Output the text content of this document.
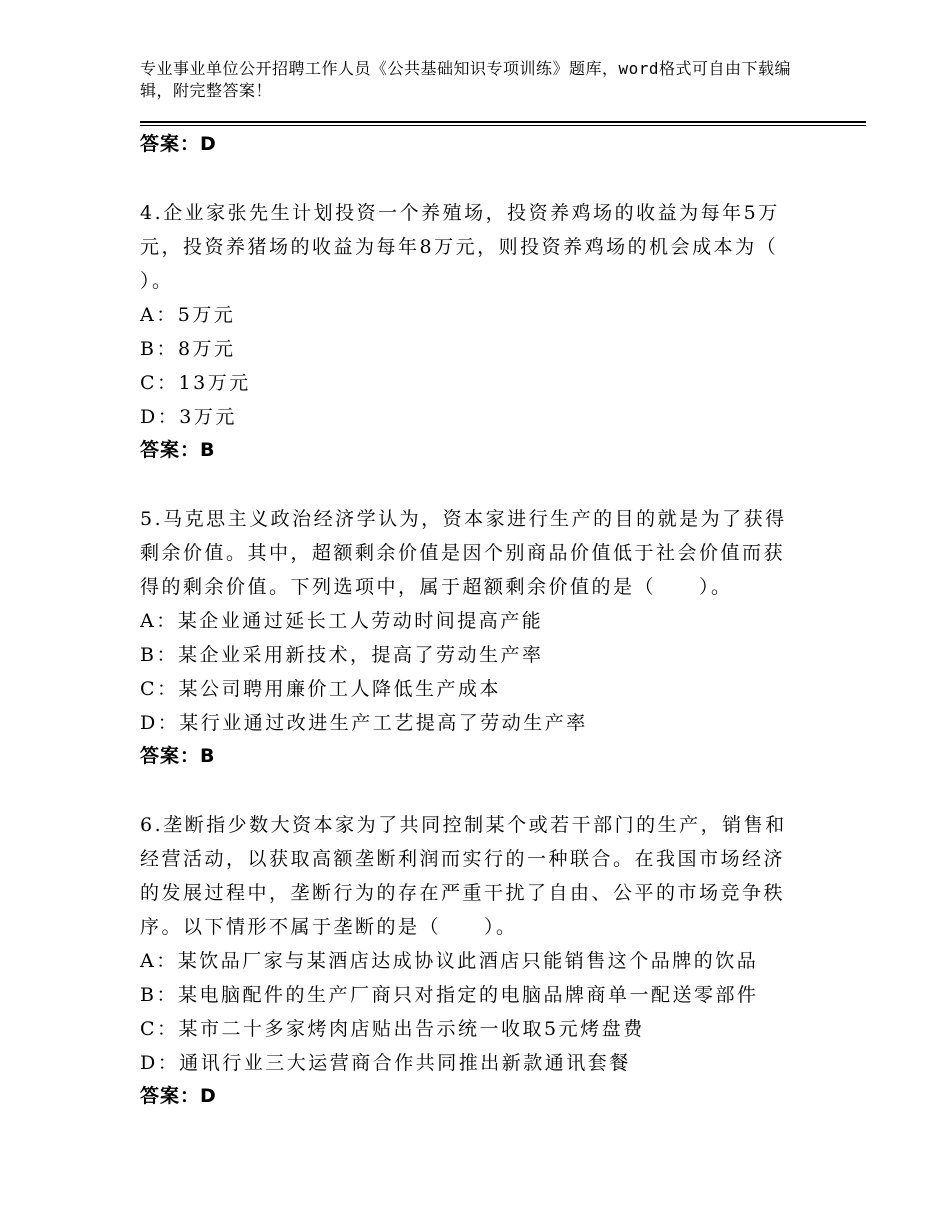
专业事业单位公开招聘工作人员《公共基础知识专项训练》题库，word格式可自由下载编辑，附完整答案！
答案：D
4.企业家张先生计划投资一个养殖场，投资养鸡场的收益为每年5万元，投资养猪场的收益为每年8万元，则投资养鸡场的机会成本为（ ）。
A：5万元
B：8万元
C：13万元
D：3万元
答案：B
5.马克思主义政治经济学认为，资本家进行生产的目的就是为了获得剩余价值。其中，超额剩余价值是因个别商品价值低于社会价值而获得的剩余价值。下列选项中，属于超额剩余价值的是（　　）。
A：某企业通过延长工人劳动时间提高产能
B：某企业采用新技术，提高了劳动生产率
C：某公司聘用廉价工人降低生产成本
D：某行业通过改进生产工艺提高了劳动生产率
答案：B
6.垄断指少数大资本家为了共同控制某个或若干部门的生产，销售和经营活动，以获取高额垄断利润而实行的一种联合。在我国市场经济的发展过程中，垄断行为的存在严重干扰了自由、公平的市场竞争秩序。以下情形不属于垄断的是（　　）。
A：某饮品厂家与某酒店达成协议此酒店只能销售这个品牌的饮品
B：某电脑配件的生产厂商只对指定的电脑品牌商单一配送零部件
C：某市二十多家烤肉店贴出告示统一收取5元烤盘费
D：通讯行业三大运营商合作共同推出新款通讯套餐
答案：D
